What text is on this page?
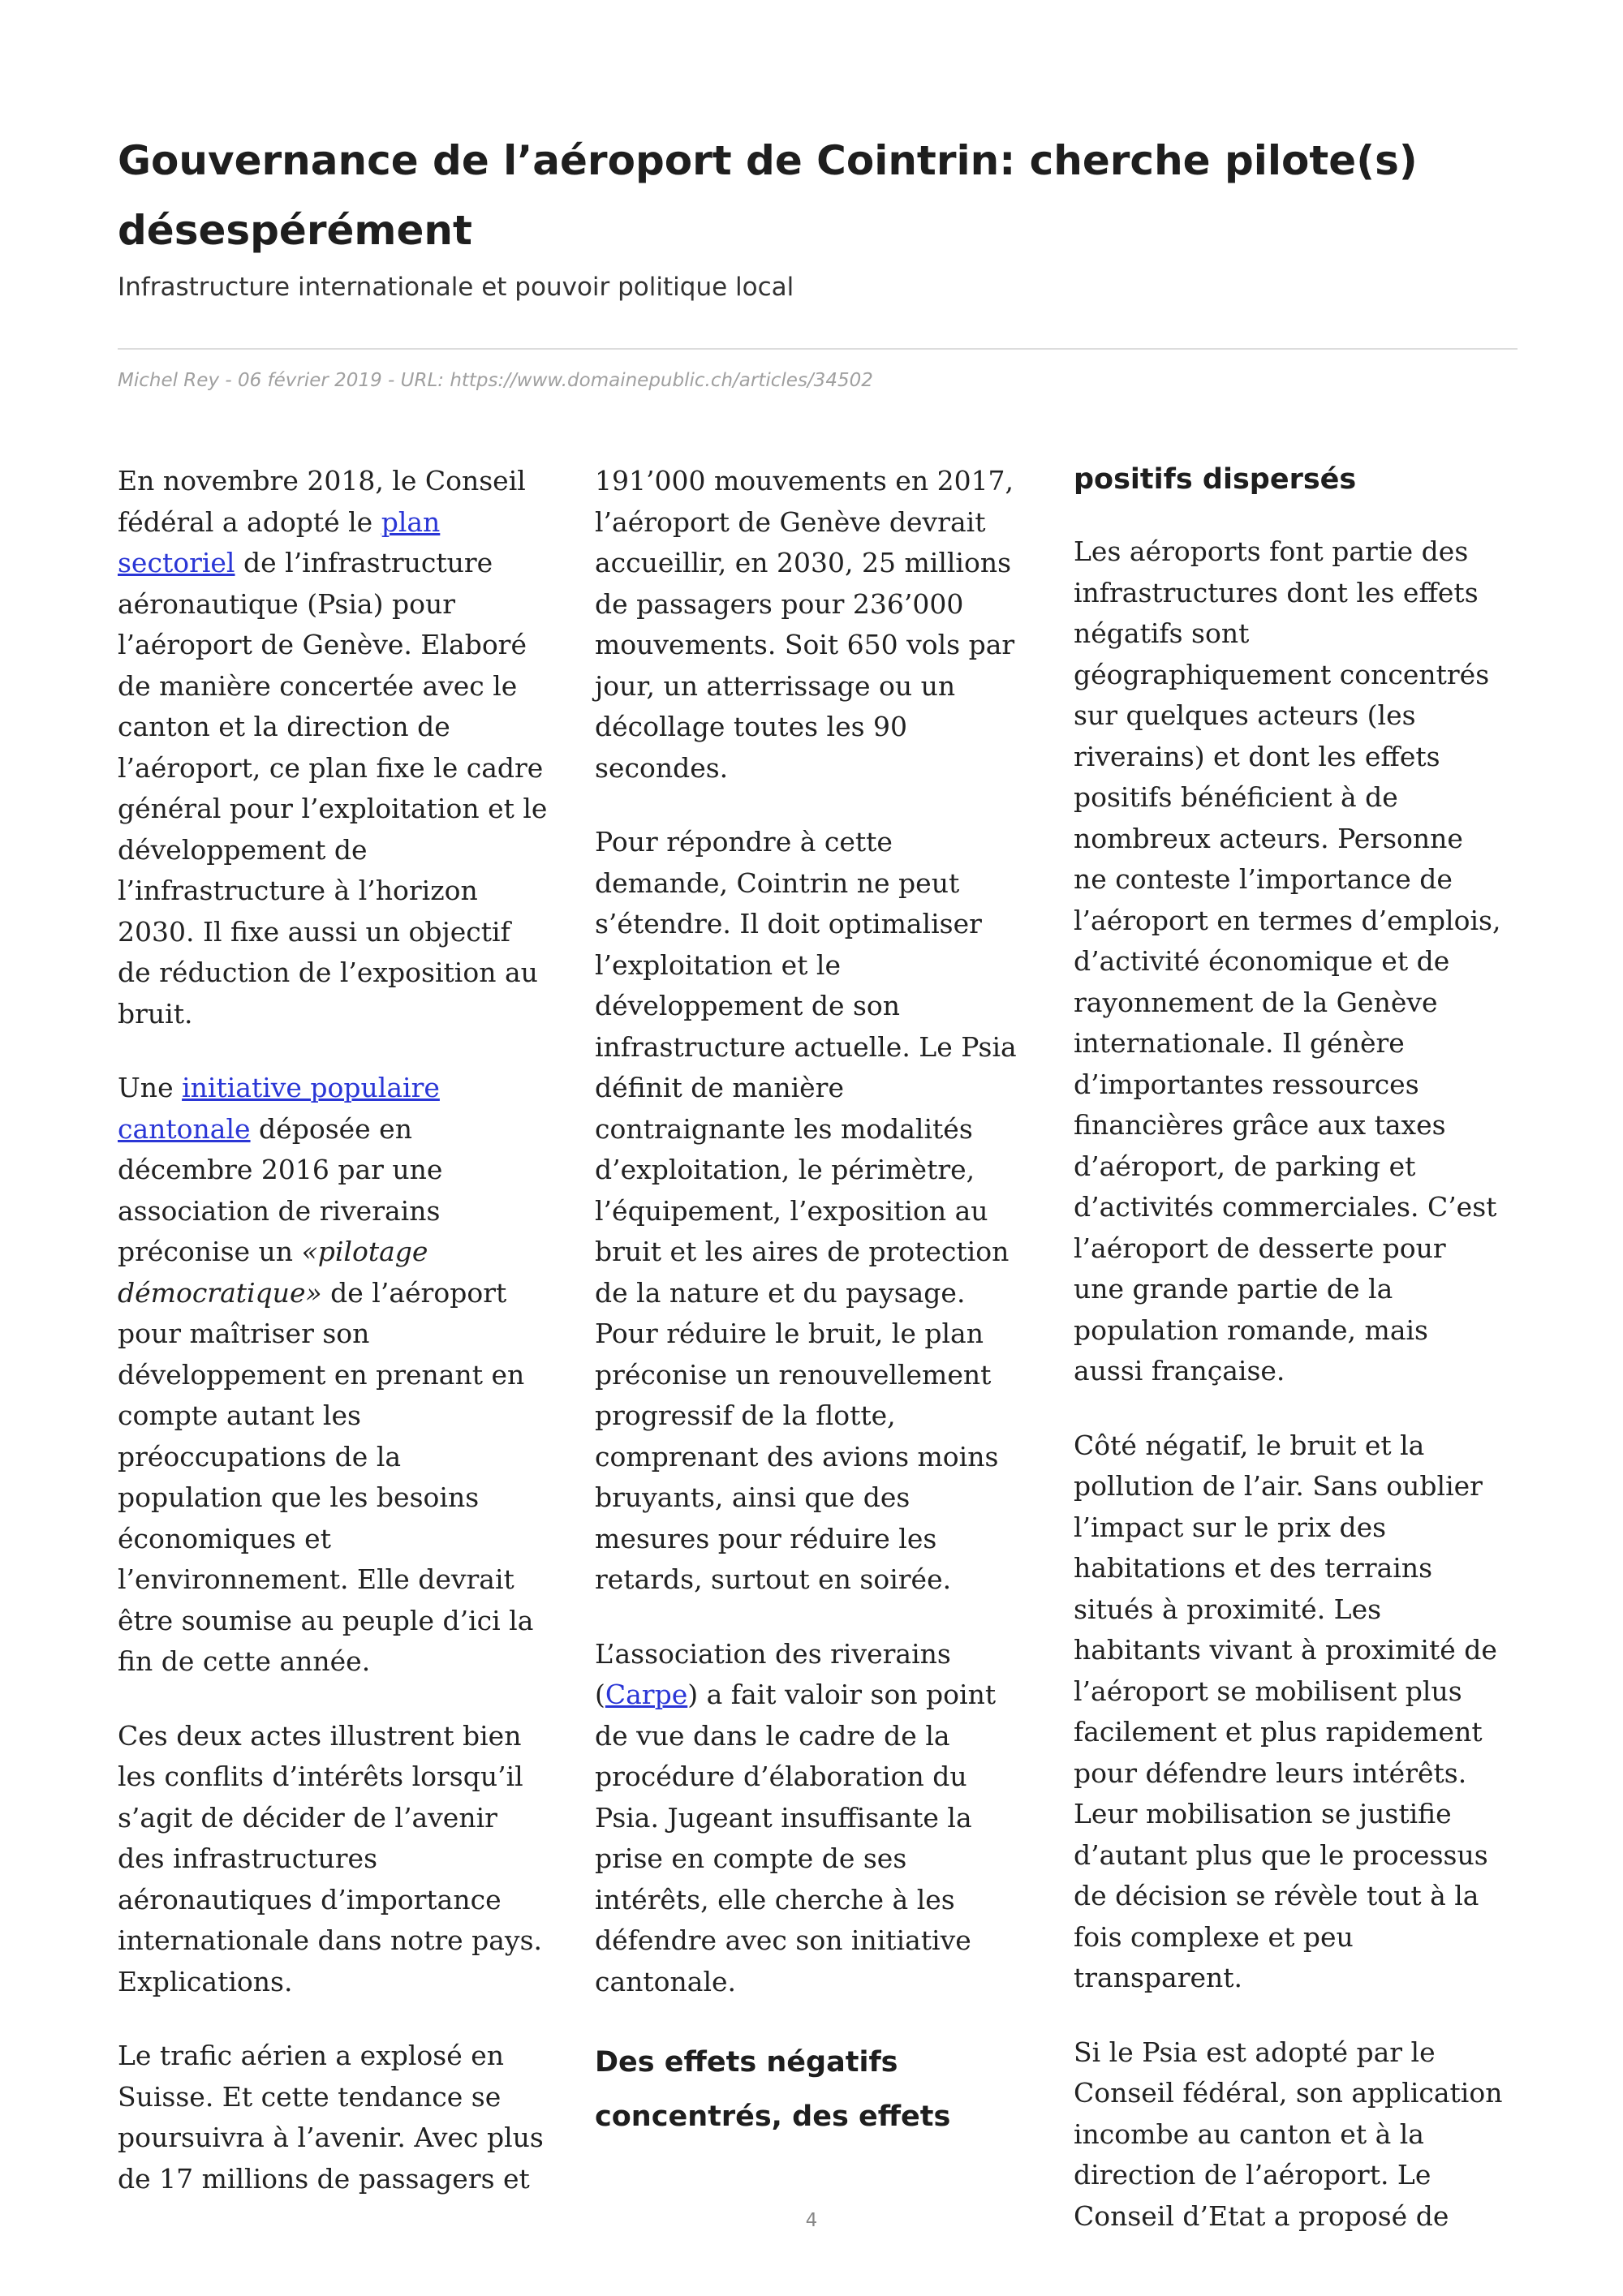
Gouvernance de l’aéroport de Cointrin: cherche pilote(s) désespérément

Infrastructure internationale et pouvoir politique local

Michel Rey - 06 février 2019 - URL: https://www.domainepublic.ch/articles/34502

En novembre 2018, le Conseil fédéral a adopté le plan sectoriel de l’infrastructure aéronautique (Psia) pour l’aéroport de Genève. Elaboré de manière concertée avec le canton et la direction de l’aéroport, ce plan fixe le cadre général pour l’exploitation et le développement de l’infrastructure à l’horizon 2030. Il fixe aussi un objectif de réduction de l’exposition au bruit.

Une initiative populaire cantonale déposée en décembre 2016 par une association de riverains préconise un «pilotage démocratique» de l’aéroport pour maîtriser son développement en prenant en compte autant les préoccupations de la population que les besoins économiques et l’environnement. Elle devrait être soumise au peuple d’ici la fin de cette année.

Ces deux actes illustrent bien les conflits d’intérêts lorsqu’il s’agit de décider de l’avenir des infrastructures aéronautiques d’importance internationale dans notre pays. Explications.

Le trafic aérien a explosé en Suisse. Et cette tendance se poursuivra à l’avenir. Avec plus de 17 millions de passagers et

191’000 mouvements en 2017, l’aéroport de Genève devrait accueillir, en 2030, 25 millions de passagers pour 236’000 mouvements. Soit 650 vols par jour, un atterrissage ou un décollage toutes les 90 secondes.

Pour répondre à cette demande, Cointrin ne peut s’étendre. Il doit optimaliser l’exploitation et le développement de son infrastructure actuelle. Le Psia définit de manière contraignante les modalités d’exploitation, le périmètre, l’équipement, l’exposition au bruit et les aires de protection de la nature et du paysage. Pour réduire le bruit, le plan préconise un renouvellement progressif de la flotte, comprenant des avions moins bruyants, ainsi que des mesures pour réduire les retards, surtout en soirée.

L’association des riverains (Carpe) a fait valoir son point de vue dans le cadre de la procédure d’élaboration du Psia. Jugeant insuffisante la prise en compte de ses intérêts, elle cherche à les défendre avec son initiative cantonale.

Des effets négatifs concentrés, des effets
positifs dispersés

Les aéroports font partie des infrastructures dont les effets négatifs sont géographiquement concentrés sur quelques acteurs (les riverains) et dont les effets positifs bénéficient à de nombreux acteurs. Personne ne conteste l’importance de l’aéroport en termes d’emplois, d’activité économique et de rayonnement de la Genève internationale. Il génère d’importantes ressources financières grâce aux taxes d’aéroport, de parking et d’activités commerciales. C’est l’aéroport de desserte pour une grande partie de la population romande, mais aussi française.

Côté négatif, le bruit et la pollution de l’air. Sans oublier l’impact sur le prix des habitations et des terrains situés à proximité. Les habitants vivant à proximité de l’aéroport se mobilisent plus facilement et plus rapidement pour défendre leurs intérêts. Leur mobilisation se justifie d’autant plus que le processus de décision se révèle tout à la fois complexe et peu transparent.

Si le Psia est adopté par le Conseil fédéral, son application incombe au canton et à la direction de l’aéroport. Le Conseil d’Etat a proposé de

4
